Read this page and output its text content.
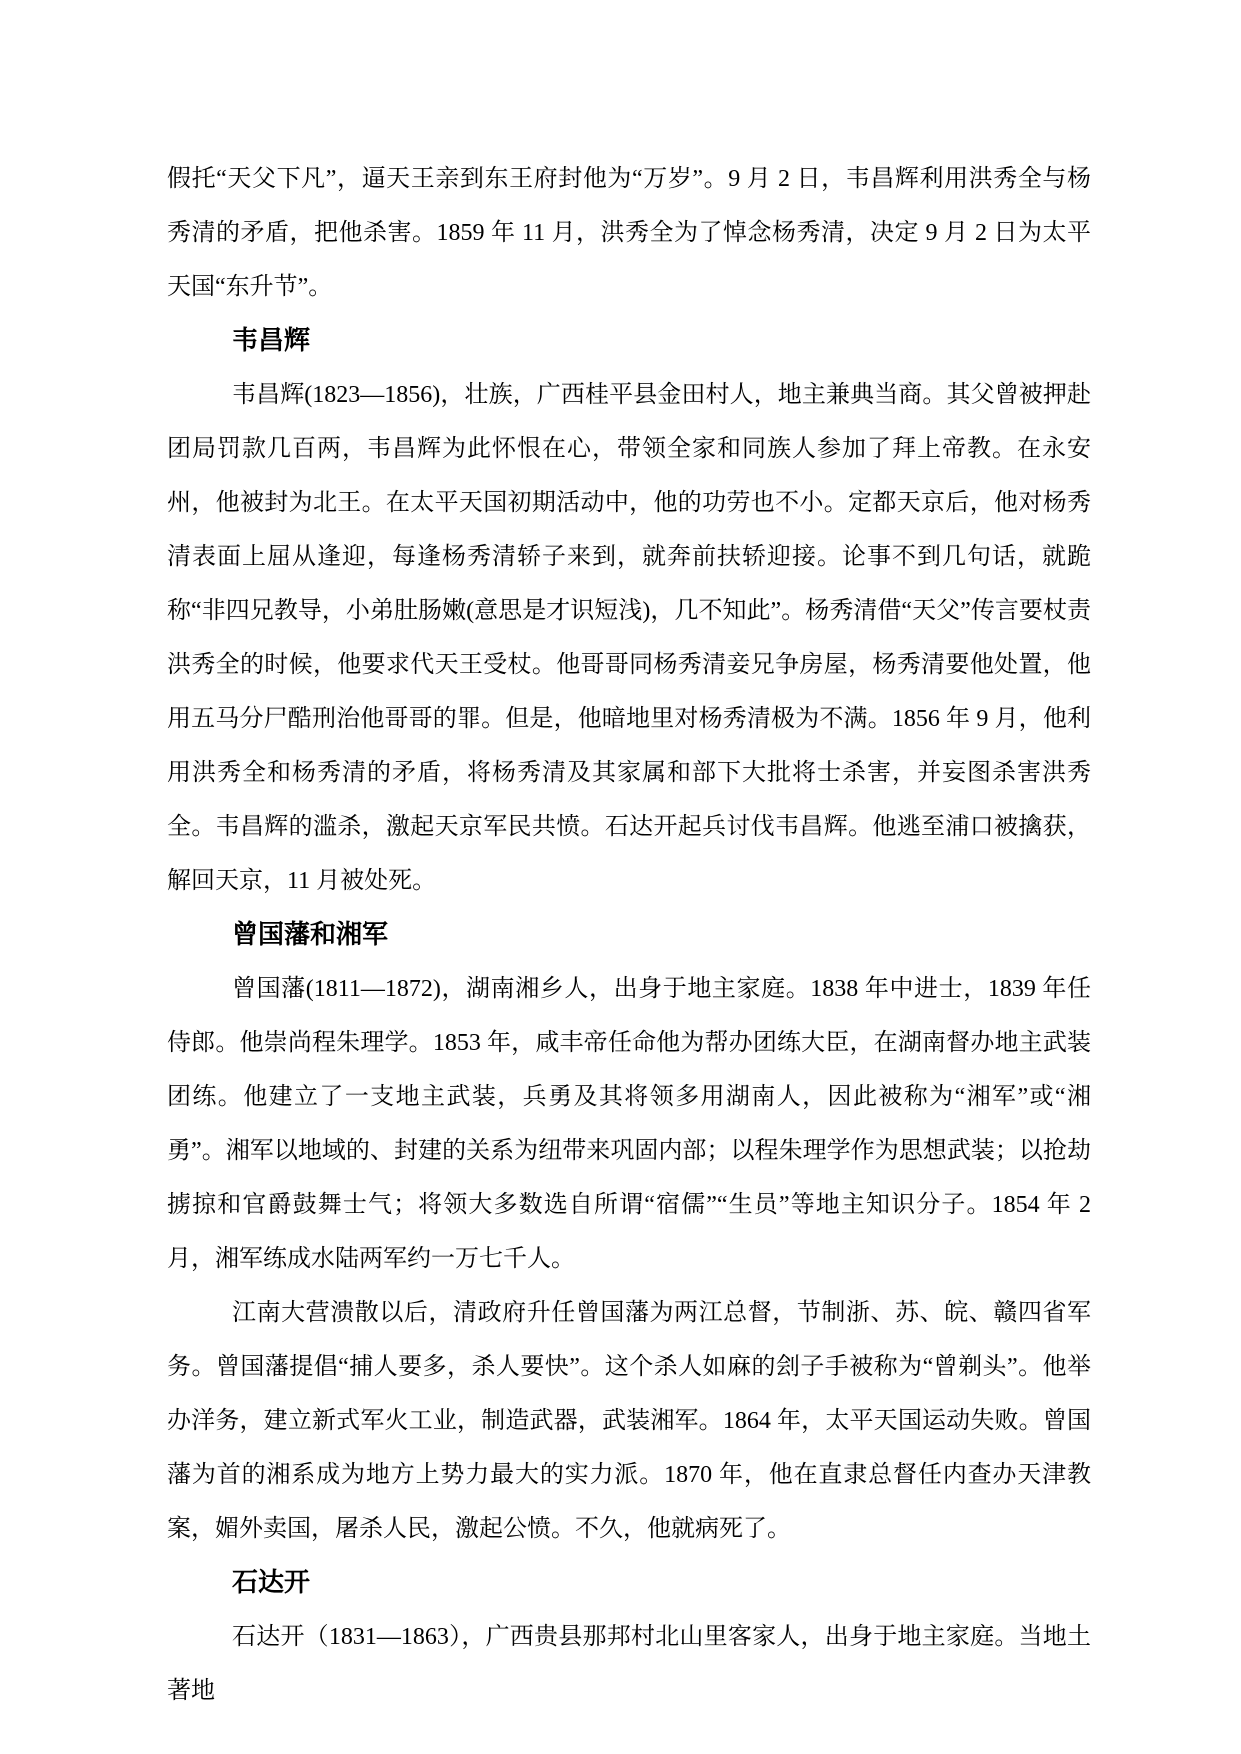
假托“天父下凡”，逼天王亲到东王府封他为“万岁”。9 月 2 日，韦昌辉利用洪秀全与杨秀清的矛盾，把他杀害。1859 年 11 月，洪秀全为了悼念杨秀清，决定 9 月 2 日为太平天国“东升节”。

韦昌辉

韦昌辉(1823—1856)，壮族，广西桂平县金田村人，地主兼典当商。其父曾被押赴团局罚款几百两，韦昌辉为此怀恨在心，带领全家和同族人参加了拜上帝教。在永安州，他被封为北王。在太平天国初期活动中，他的功劳也不小。定都天京后，他对杨秀清表面上屈从逢迎，每逢杨秀清轿子来到，就奔前扶轿迎接。论事不到几句话，就跪称“非四兄教导，小弟肚肠嫩(意思是才识短浅)，几不知此”。杨秀清借“天父”传言要杖责洪秀全的时候，他要求代天王受杖。他哥哥同杨秀清妾兄争房屋，杨秀清要他处置，他用五马分尸酷刑治他哥哥的罪。但是，他暗地里对杨秀清极为不满。1856 年 9 月，他利用洪秀全和杨秀清的矛盾，将杨秀清及其家属和部下大批将士杀害，并妄图杀害洪秀全。韦昌辉的滥杀，激起天京军民共愤。石达开起兵讨伐韦昌辉。他逃至浦口被擒获，解回天京，11 月被处死。

曾国藩和湘军

曾国藩(1811—1872)，湖南湘乡人，出身于地主家庭。1838 年中进士，1839 年任侍郎。他崇尚程朱理学。1853 年，咸丰帝任命他为帮办团练大臣，在湖南督办地主武装团练。他建立了一支地主武装，兵勇及其将领多用湖南人，因此被称为“湘军”或“湘勇”。湘军以地域的、封建的关系为纽带来巩固内部；以程朱理学作为思想武装；以抢劫掳掠和官爵鼓舞士气；将领大多数选自所谓“宿儒”“生员”等地主知识分子。1854 年 2 月，湘军练成水陆两军约一万七千人。

江南大营溃散以后，清政府升任曾国藩为两江总督，节制浙、苏、皖、赣四省军务。曾国藩提倡“捕人要多，杀人要快”。这个杀人如麻的刽子手被称为“曾剃头”。他举办洋务，建立新式军火工业，制造武器，武装湘军。1864 年，太平天国运动失败。曾国藩为首的湘系成为地方上势力最大的实力派。1870 年，他在直隶总督任内查办天津教案，媚外卖国，屠杀人民，激起公愤。不久，他就病死了。

石达开

石达开（1831—1863），广西贵县那邦村北山里客家人，出身于地主家庭。当地土著地
